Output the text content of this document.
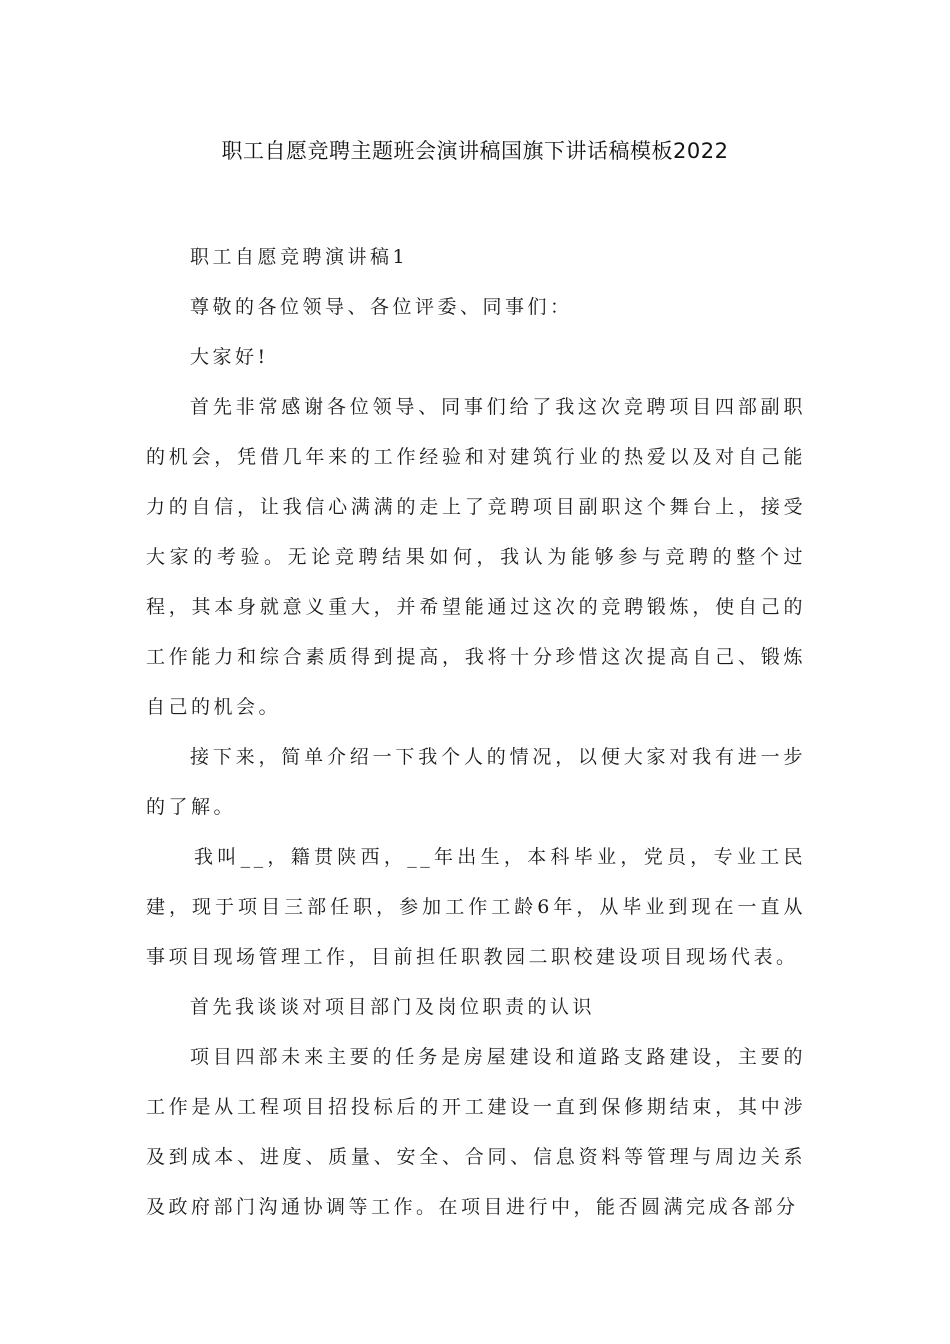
职工自愿竞聘主题班会演讲稿国旗下讲话稿模板2022

职工自愿竞聘演讲稿1

尊敬的各位领导、各位评委、同事们：

大家好!

首先非常感谢各位领导、同事们给了我这次竞聘项目四部副职的机会，凭借几年来的工作经验和对建筑行业的热爱以及对自己能力的自信，让我信心满满的走上了竞聘项目副职这个舞台上，接受大家的考验。无论竞聘结果如何，我认为能够参与竞聘的整个过程，其本身就意义重大，并希望能通过这次的竞聘锻炼，使自己的工作能力和综合素质得到提高，我将十分珍惜这次提高自己、锻炼自己的机会。

接下来，简单介绍一下我个人的情况，以便大家对我有进一步的了解。

我叫__，籍贯陕西，__年出生，本科毕业，党员，专业工民建，现于项目三部任职，参加工作工龄6年，从毕业到现在一直从事项目现场管理工作，目前担任职教园二职校建设项目现场代表。

首先我谈谈对项目部门及岗位职责的认识

项目四部未来主要的任务是房屋建设和道路支路建设，主要的工作是从工程项目招投标后的开工建设一直到保修期结束，其中涉及到成本、进度、质量、安全、合同、信息资料等管理与周边关系及政府部门沟通协调等工作。在项目进行中，能否圆满完成各部分
